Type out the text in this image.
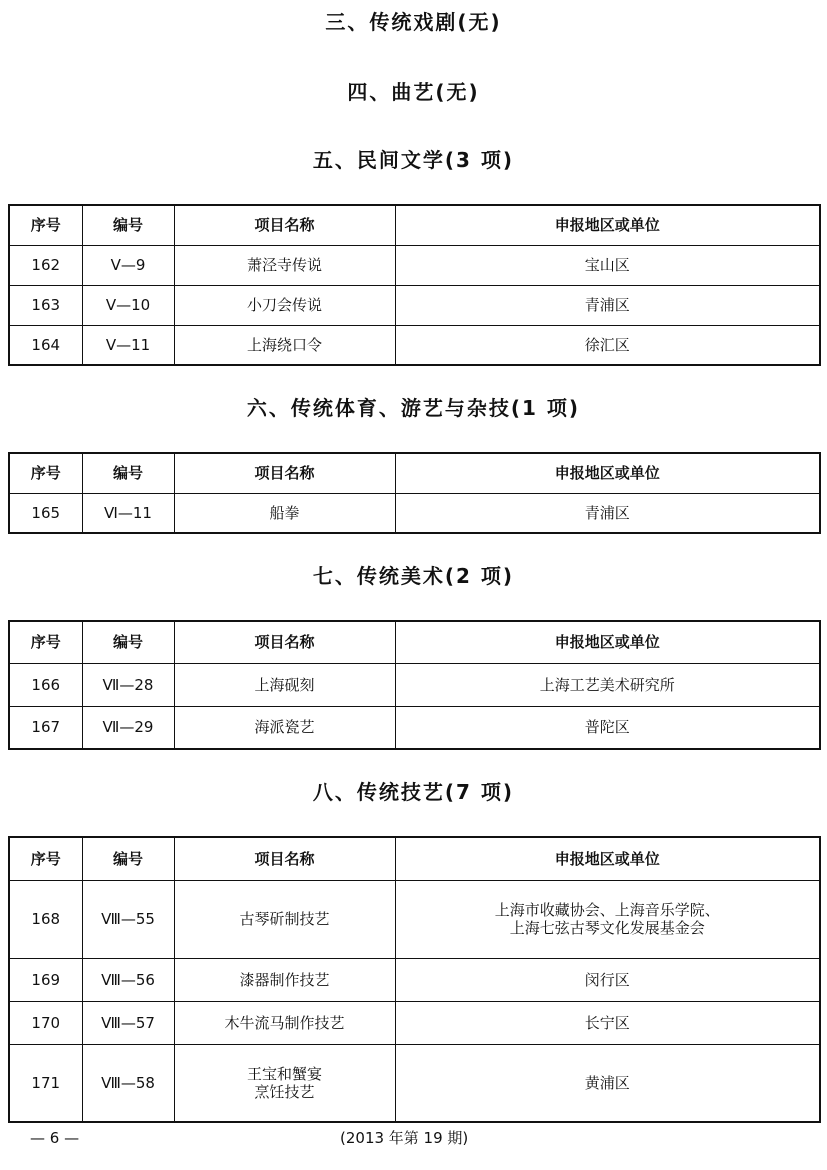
三、传统戏剧(无)
四、曲艺(无)
五、民间文学(3 项)
序号	编号	项目名称	申报地区或单位
162	Ⅴ—9	萧泾寺传说	宝山区
163	Ⅴ—10	小刀会传说	青浦区
164	Ⅴ—11	上海绕口令	徐汇区
六、传统体育、游艺与杂技(1 项)
序号	编号	项目名称	申报地区或单位
165	Ⅵ—11	船拳	青浦区
七、传统美术(2 项)
序号	编号	项目名称	申报地区或单位
166	Ⅶ—28	上海砚刻	上海工艺美术研究所
167	Ⅶ—29	海派瓷艺	普陀区
八、传统技艺(7 项)
序号	编号	项目名称	申报地区或单位
168	Ⅷ—55	古琴斫制技艺	上海市收藏协会、上海音乐学院、
上海七弦古琴文化发展基金会

169	Ⅷ—56	漆器制作技艺	闵行区
170	Ⅷ—57	木牛流马制作技艺	长宁区
171	Ⅷ—58	王宝和蟹宴
烹饪技艺	黄浦区
— 6 —	(2013 年第 19 期)
